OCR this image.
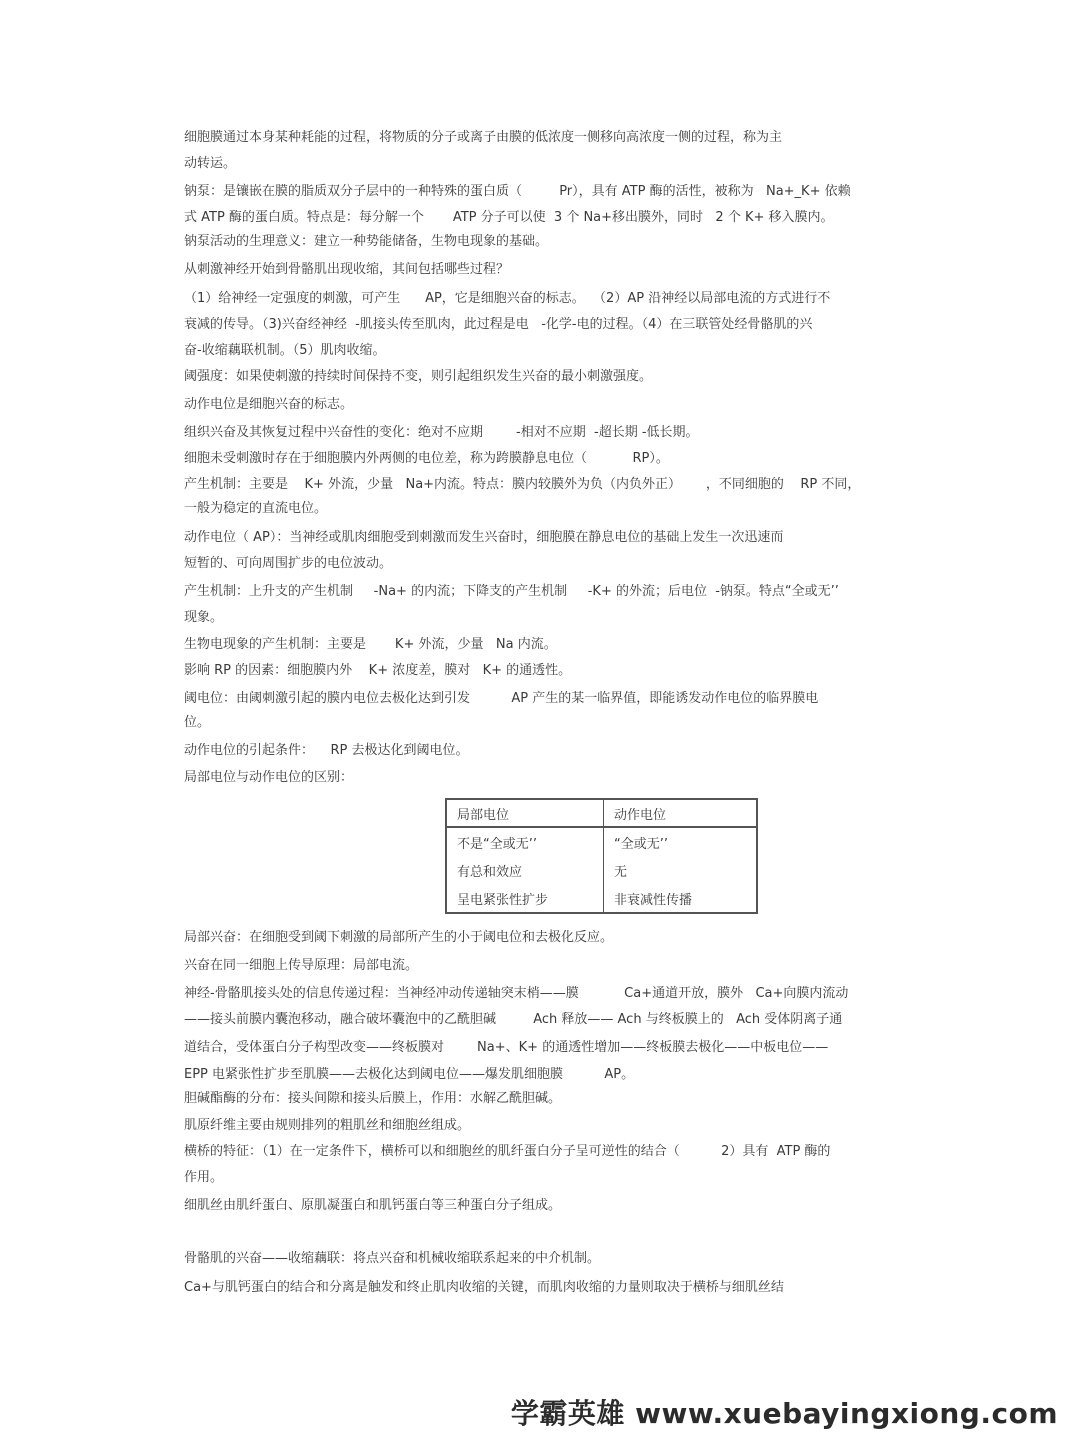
细胞膜通过本身某种耗能的过程，将物质的分子或离子由膜的低浓度一侧移向高浓度一侧的过程，称为主

动转运。

钠泵：是镶嵌在膜的脂质双分子层中的一种特殊的蛋白质（         Pr），具有 ATP 酶的活性，被称为   Na+_K+ 依赖

式 ATP 酶的蛋白质。特点是：每分解一个       ATP 分子可以使  3 个 Na+移出膜外，同时   2 个 K+ 移入膜内。

钠泵活动的生理意义：建立一种势能储备，生物电现象的基础。

从刺激神经开始到骨骼肌出现收缩，其间包括哪些过程？

（1）给神经一定强度的刺激，可产生      AP，它是细胞兴奋的标志。  （2）AP 沿神经以局部电流的方式进行不

衰减的传导。（3)兴奋经神经  -肌接头传至肌肉，此过程是电   -化学-电的过程。（4）在三联管处经骨骼肌的兴

奋-收缩藕联机制。（5）肌肉收缩。

阈强度：如果使刺激的持续时间保持不变，则引起组织发生兴奋的最小刺激强度。

动作电位是细胞兴奋的标志。

组织兴奋及其恢复过程中兴奋性的变化：绝对不应期        -相对不应期  -超长期 -低长期。

细胞未受刺激时存在于细胞膜内外两侧的电位差，称为跨膜静息电位（           RP）。

产生机制：主要是    K+ 外流，少量   Na+内流。特点：膜内较膜外为负（内负外正）      ，不同细胞的    RP 不同，

一般为稳定的直流电位。

动作电位（ AP）：当神经或肌肉细胞受到刺激而发生兴奋时，细胞膜在静息电位的基础上发生一次迅速而

短暂的、可向周围扩步的电位波动。

产生机制：上升支的产生机制     -Na+ 的内流；下降支的产生机制     -K+ 的外流；后电位  -钠泵。特点“全或无’’

现象。

生物电现象的产生机制：主要是       K+ 外流，少量   Na 内流。

影响 RP 的因素：细胞膜内外    K+ 浓度差，膜对   K+ 的通透性。

阈电位：由阈刺激引起的膜内电位去极化达到引发          AP 产生的某一临界值，即能诱发动作电位的临界膜电

位。

动作电位的引起条件：    RP 去极达化到阈电位。

局部电位与动作电位的区别：

局部电位	动作电位
不是“全或无’’	“全或无’’
有总和效应	无
呈电紧张性扩步	非衰减性传播

局部兴奋：在细胞受到阈下刺激的局部所产生的小于阈电位和去极化反应。

兴奋在同一细胞上传导原理：局部电流。

神经-骨骼肌接头处的信息传递过程：当神经冲动传递轴突末梢——膜           Ca+通道开放，膜外   Ca+向膜内流动

——接头前膜内囊泡移动，融合破坏囊泡中的乙酰胆碱         Ach 释放—— Ach 与终板膜上的   Ach 受体阴离子通

道结合，受体蛋白分子构型改变——终板膜对        Na+、K+ 的通透性增加——终板膜去极化——中板电位——

EPP 电紧张性扩步至肌膜——去极化达到阈电位——爆发肌细胞膜          AP。

胆碱酯酶的分布：接头间隙和接头后膜上，作用：水解乙酰胆碱。

肌原纤维主要由规则排列的粗肌丝和细胞丝组成。

横桥的特征：（1）在一定条件下，横桥可以和细胞丝的肌纤蛋白分子呈可逆性的结合（          2）具有  ATP 酶的

作用。

细肌丝由肌纤蛋白、原肌凝蛋白和肌钙蛋白等三种蛋白分子组成。

骨骼肌的兴奋——收缩藕联：将点兴奋和机械收缩联系起来的中介机制。

Ca+与肌钙蛋白的结合和分离是触发和终止肌肉收缩的关键，而肌肉收缩的力量则取决于横桥与细肌丝结

学霸英雄 www.xuebayingxiong.com
